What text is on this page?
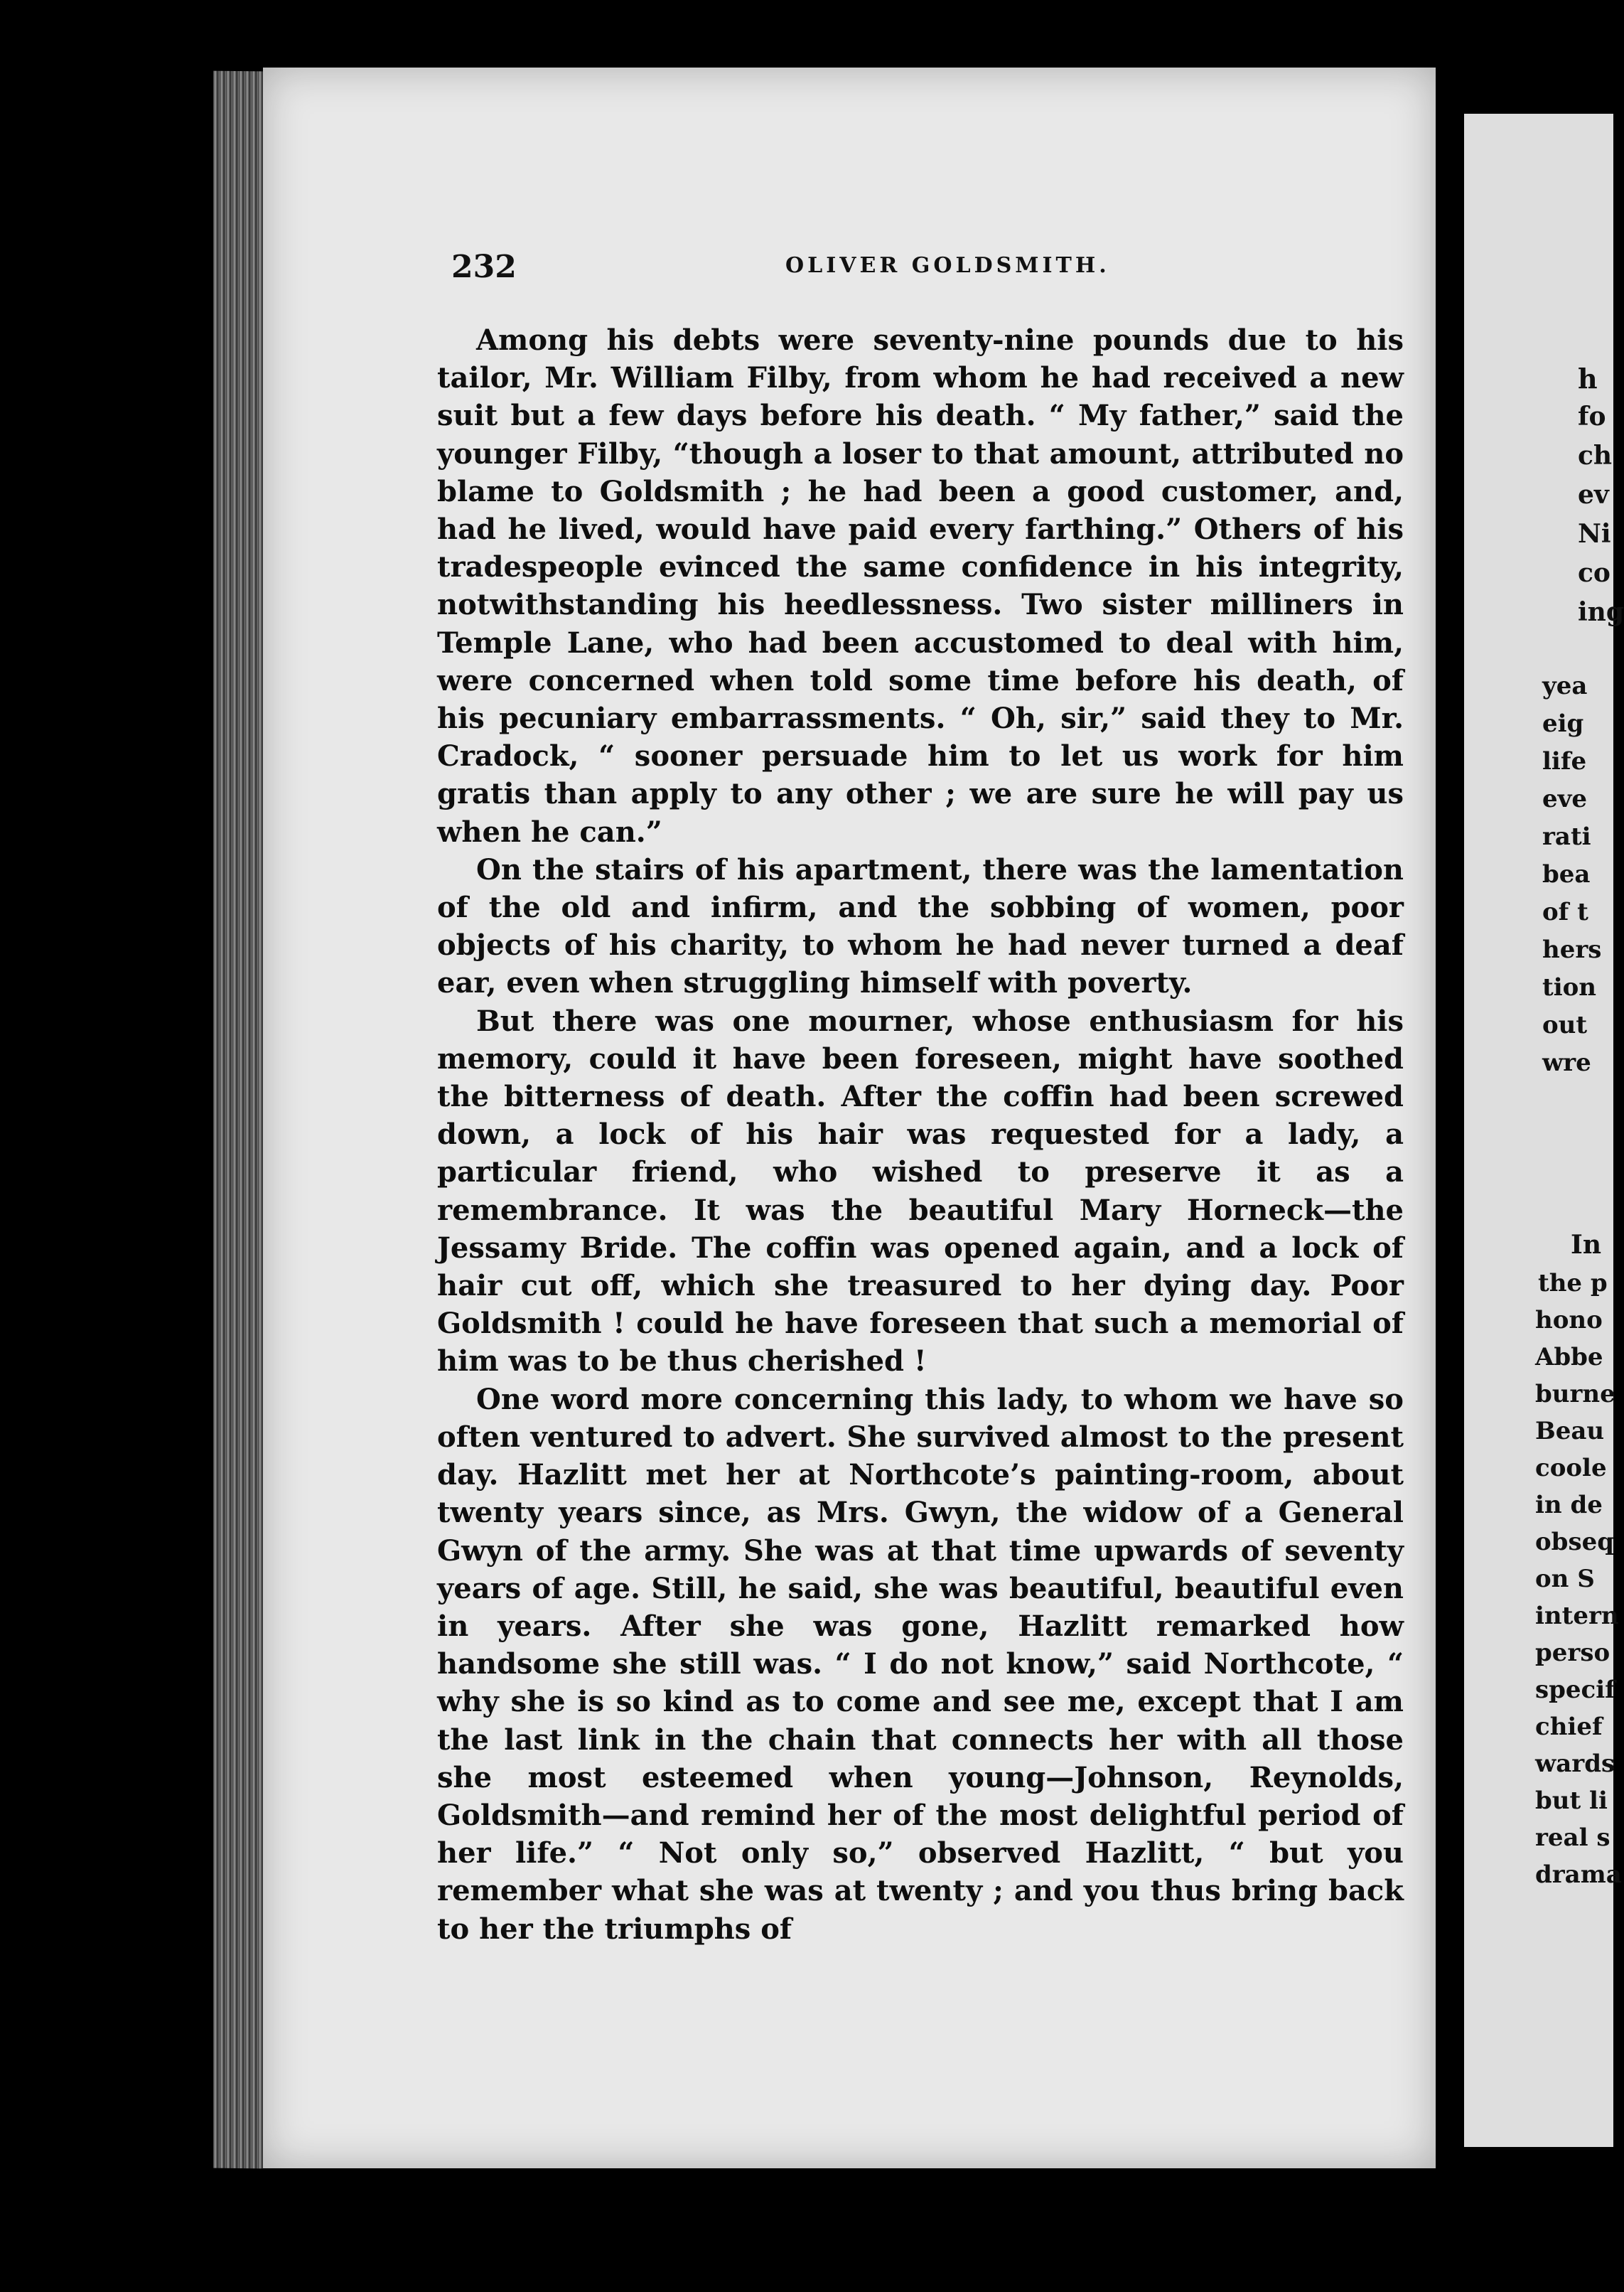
232	OLIVER GOLDSMITH.

Among his debts were seventy-nine pounds due to his tailor, Mr. William Filby, from whom he had received a new suit but a few days before his death. “ My father,” said the younger Filby, “though a loser to that amount, attributed no blame to Goldsmith ; he had been a good customer, and, had he lived, would have paid every farthing.” Others of his tradespeople evinced the same confidence in his integrity, notwithstanding his heedlessness. Two sister milliners in Temple Lane, who had been accustomed to deal with him, were concerned when told some time before his death, of his pecuniary embarrassments. “ Oh, sir,” said they to Mr. Cradock, “ sooner persuade him to let us work for him gratis than apply to any other ; we are sure he will pay us when he can.”

On the stairs of his apartment, there was the lamentation of the old and infirm, and the sobbing of women, poor objects of his charity, to whom he had never turned a deaf ear, even when struggling himself with poverty.

But there was one mourner, whose enthusiasm for his memory, could it have been foreseen, might have soothed the bitterness of death. After the coffin had been screwed down, a lock of his hair was requested for a lady, a particular friend, who wished to preserve it as a remembrance. It was the beautiful Mary Horneck—the Jessamy Bride. The coffin was opened again, and a lock of hair cut off, which she treasured to her dying day. Poor Goldsmith ! could he have foreseen that such a memorial of him was to be thus cherished !

One word more concerning this lady, to whom we have so often ventured to advert. She survived almost to the present day. Hazlitt met her at Northcote’s painting-room, about twenty years since, as Mrs. Gwyn, the widow of a General Gwyn of the army. She was at that time upwards of seventy years of age. Still, he said, she was beautiful, beautiful even in years. After she was gone, Hazlitt remarked how handsome she still was. “ I do not know,” said Northcote, “ why she is so kind as to come and see me, except that I am the last link in the chain that connects her with all those she most esteemed when young—Johnson, Reynolds, Goldsmith—and remind her of the most delightful period of her life.” “ Not only so,” observed Hazlitt, “ but you remember what she was at twenty ; and you thus bring back to her the triumphs of

h
fo
ch
ev
Ni
co
ing
yea
eig
life
eve
rati
bea
of t
hers
tion
out
wre
In
the p
hono
Abbe
burne
Beau
coole
in de
obseq
on S
intern
perso
specif
chief
wards
but li
real s
drama
